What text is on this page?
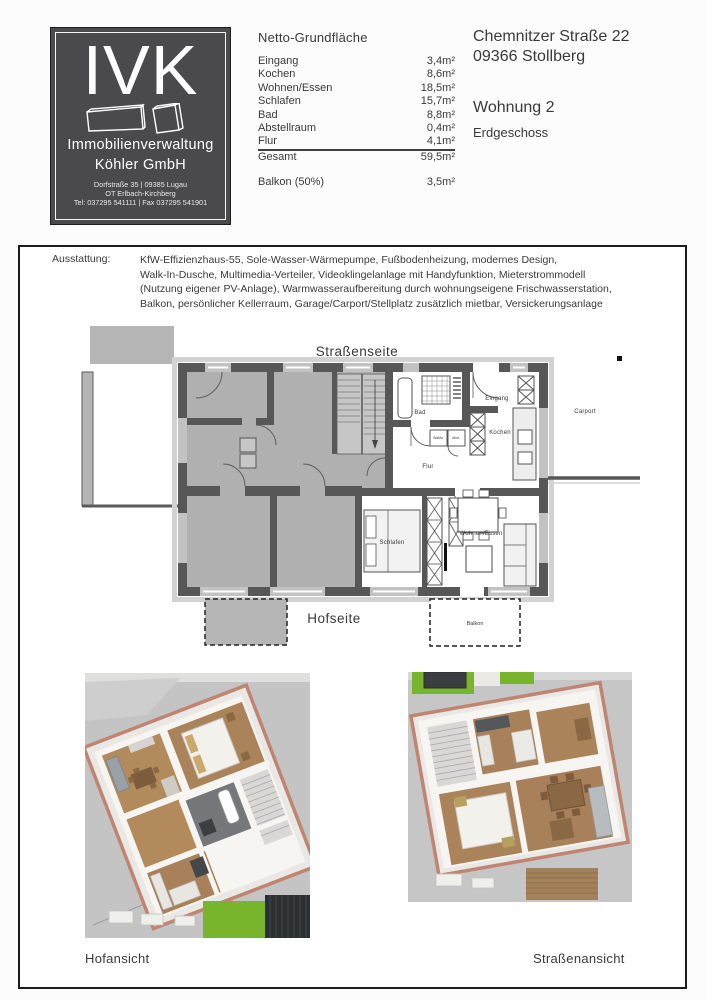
IVK
Immobilienverwaltung
Köhler GmbH
Dorfstraße 35 | 09385 Lugau
OT Erlbach-Kirchberg
Tel: 037295 541111 | Fax 037295 541901
Netto-Grundfläche
Eingang	3,4m²
Kochen	8,6m²
Wohnen/Essen	18,5m²
Schlafen	15,7m²
Bad	8,8m²
Abstellraum	0,4m²
Flur	4,1m²
Gesamt	59,5m²
Balkon (50%)	3,5m²
Chemnitzer Straße 22
09366 Stollberg
Wohnung 2
Erdgeschoss
Ausstattung:	KfW-Effizienzhaus-55, Sole-Wasser-Wärmepumpe, Fußbodenheizung, modernes Design,
Walk-In-Dusche, Multimedia-Verteiler, Videoklingelanlage mit Handyfunktion, Mieterstrommodell
(Nutzung eigener PV-Anlage), Warmwasseraufbereitung durch wohnungseigene Frischwasserstation,
Balkon, persönlicher Kellerraum, Garage/Carport/Stellplatz zusätzlich mietbar, Versickerungsanlage
Straßenseite
Hofseite
Carport
Balkon
Bad
Eingang
Kochen
Flur
Schlafen
Wohnen/Essen
WaMa	Abst.
Hofansicht	Straßenansicht
